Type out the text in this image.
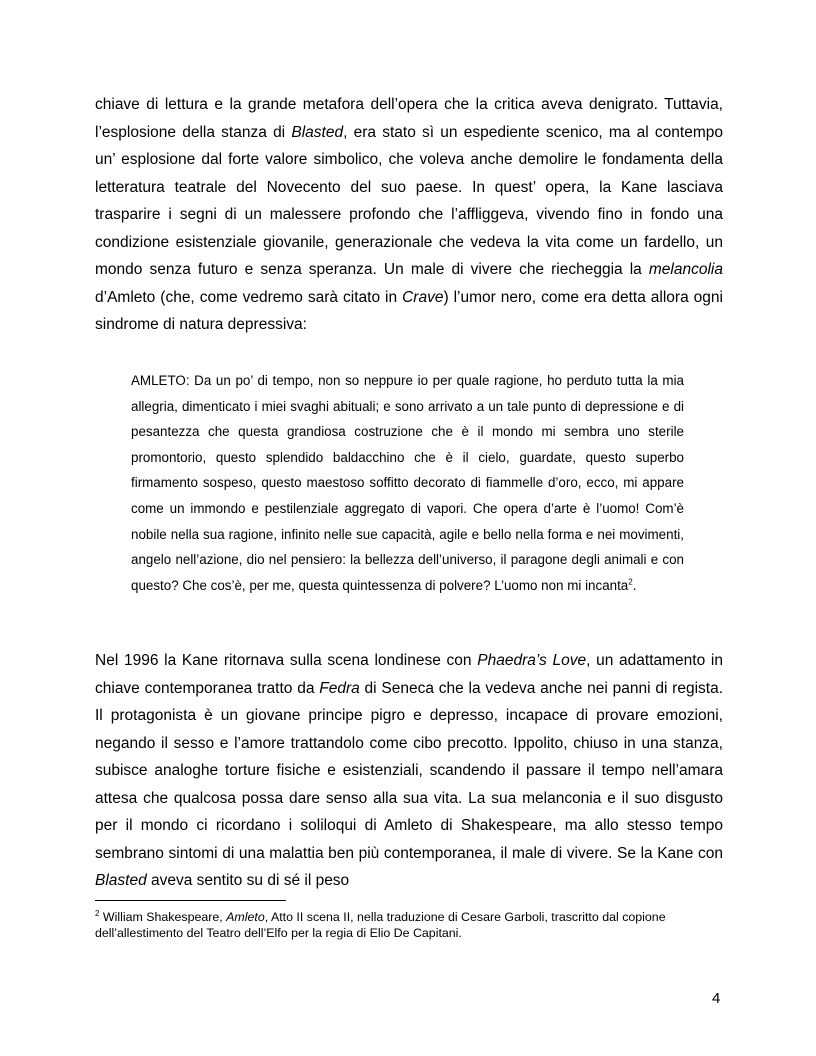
chiave di lettura e la grande metafora dell’opera che la critica aveva denigrato. Tuttavia, l’esplosione della stanza di Blasted, era stato sì un espediente scenico, ma al contempo un’ esplosione dal forte valore simbolico, che voleva anche demolire le fondamenta della letteratura teatrale del Novecento del suo paese. In quest’ opera, la Kane lasciava trasparire i segni di un malessere profondo che l’affliggeva, vivendo fino in fondo una condizione esistenziale giovanile, generazionale che vedeva la vita come un fardello, un mondo senza futuro e senza speranza. Un male di vivere che riecheggia la melancolia d’Amleto (che, come vedremo sarà citato in Crave) l’umor nero, come era detta allora ogni sindrome di natura depressiva:

AMLETO: Da un po’ di tempo, non so neppure io per quale ragione, ho perduto tutta la mia allegria, dimenticato i miei svaghi abituali; e sono arrivato a un tale punto di depressione e di pesantezza che questa grandiosa costruzione che è il mondo mi sembra uno sterile promontorio, questo splendido baldacchino che è il cielo, guardate, questo superbo firmamento sospeso, questo maestoso soffitto decorato di fiammelle d’oro, ecco, mi appare come un immondo e pestilenziale aggregato di vapori. Che opera d’arte è l’uomo! Com’è nobile nella sua ragione, infinito nelle sue capacità, agile e bello nella forma e nei movimenti, angelo nell’azione, dio nel pensiero: la bellezza dell’universo, il paragone degli animali e con questo? Che cos’è, per me, questa quintessenza di polvere? L’uomo non mi incanta$^2$.

Nel 1996 la Kane ritornava sulla scena londinese con Phaedra’s Love, un adattamento in chiave contemporanea tratto da Fedra di Seneca che la vedeva anche nei panni di regista. Il protagonista è un giovane principe pigro e depresso, incapace di provare emozioni, negando il sesso e l’amore trattandolo come cibo precotto. Ippolito, chiuso in una stanza, subisce analoghe torture fisiche e esistenziali, scandendo il passare il tempo nell’amara attesa che qualcosa possa dare senso alla sua vita. La sua melanconia e il suo disgusto per il mondo ci ricordano i soliloqui di Amleto di Shakespeare, ma allo stesso tempo sembrano sintomi di una malattia ben più contemporanea, il male di vivere. Se la Kane con Blasted aveva sentito su di sé il peso

$^2$ William Shakespeare, Amleto, Atto II scena II, nella traduzione di Cesare Garboli, trascritto dal copione dell’allestimento del Teatro dell’Elfo per la regia di Elio De Capitani.

4
